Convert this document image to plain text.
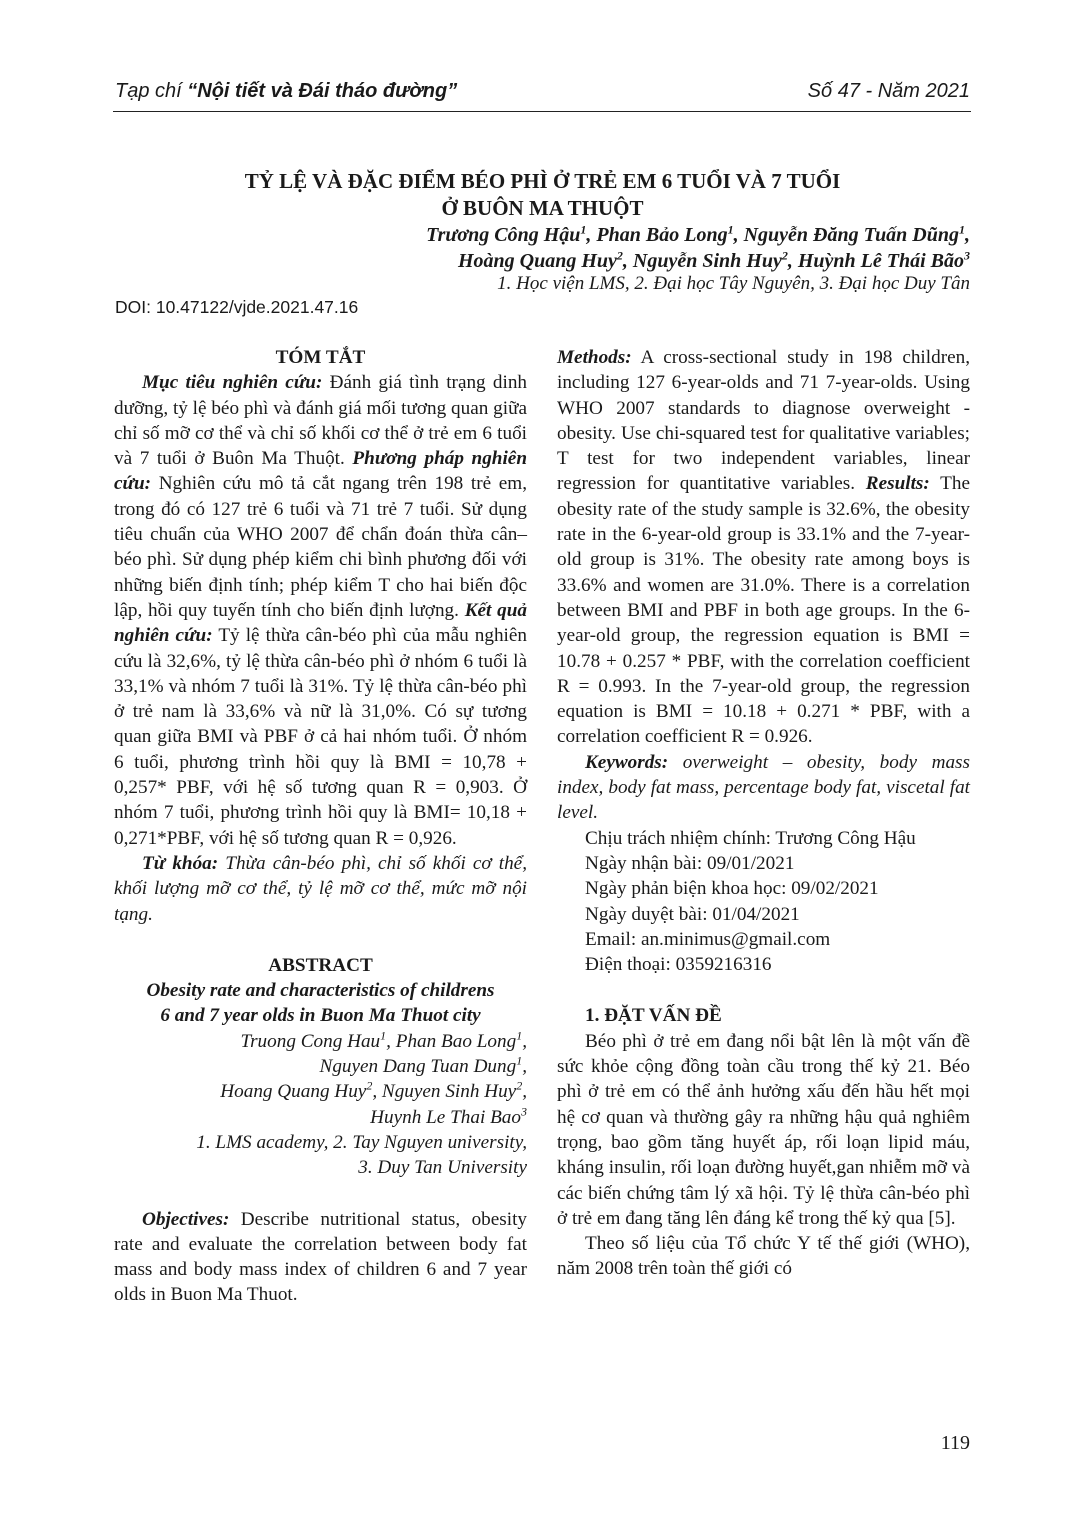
Tạp chí “Nội tiết và Đái tháo đường”	Số 47 - Năm 2021
TỶ LỆ VÀ ĐẶC ĐIỂM BÉO PHÌ Ở TRẺ EM 6 TUỔI VÀ 7 TUỔI
Ở BUÔN MA THUỘT
Trương Công Hậu$^1$, Phan Bảo Long$^1$, Nguyễn Đăng Tuấn Dũng$^1$,
Hoàng Quang Huy$^2$, Nguyễn Sinh Huy$^2$, Huỳnh Lê Thái Bão$^3$
1. Học viện LMS, 2. Đại học Tây Nguyên, 3. Đại học Duy Tân
DOI: 10.47122/vjde.2021.47.16

TÓM TẮT

Mục tiêu nghiên cứu: Đánh giá tình trạng dinh dưỡng, tỷ lệ béo phì và đánh giá mối tương quan giữa chỉ số mỡ cơ thể và chỉ số khối cơ thể ở trẻ em 6 tuổi và 7 tuổi ở Buôn Ma Thuột. Phương pháp nghiên cứu: Nghiên cứu mô tả cắt ngang trên 198 trẻ em, trong đó có 127 trẻ 6 tuổi và 71 trẻ 7 tuổi. Sử dụng tiêu chuẩn của WHO 2007 để chẩn đoán thừa cân–béo phì. Sử dụng phép kiểm chi bình phương đối với những biến định tính; phép kiểm T cho hai biến độc lập, hồi quy tuyến tính cho biến định lượng. Kết quả nghiên cứu: Tỷ lệ thừa cân-béo phì của mẫu nghiên cứu là 32,6%, tỷ lệ thừa cân-béo phì ở nhóm 6 tuổi là 33,1% và nhóm 7 tuổi là 31%. Tỷ lệ thừa cân-béo phì ở trẻ nam là 33,6% và nữ là 31,0%. Có sự tương quan giữa BMI và PBF ở cả hai nhóm tuổi. Ở nhóm 6 tuổi, phương trình hồi quy là BMI = 10,78 + 0,257* PBF, với hệ số tương quan R = 0,903. Ở nhóm 7 tuổi, phương trình hồi quy là BMI= 10,18 + 0,271*PBF, với hệ số tương quan R = 0,926.

Từ khóa: Thừa cân-béo phì, chỉ số khối cơ thể, khối lượng mỡ cơ thể, tỷ lệ mỡ cơ thể, mức mỡ nội tạng.

ABSTRACT

Obesity rate and characteristics of childrens

6 and 7 year olds in Buon Ma Thuot city

Truong Cong Hau$^1$, Phan Bao Long$^1$,

Nguyen Dang Tuan Dung$^1$,

Hoang Quang Huy$^2$, Nguyen Sinh Huy$^2$,

Huynh Le Thai Bao$^3$

1. LMS academy, 2. Tay Nguyen university,

3. Duy Tan University

Objectives: Describe nutritional status, obesity rate and evaluate the correlation between body fat mass and body mass index of children 6 and 7 year olds in Buon Ma Thuot.

Methods: A cross-sectional study in 198 children, including 127 6-year-olds and 71 7-year-olds. Using WHO 2007 standards to diagnose overweight - obesity. Use chi-squared test for qualitative variables; T test for two independent variables, linear regression for quantitative variables. Results: The obesity rate of the study sample is 32.6%, the obesity rate in the 6-year-old group is 33.1% and the 7-year-old group is 31%. The obesity rate among boys is 33.6% and women are 31.0%. There is a correlation between BMI and PBF in both age groups. In the 6-year-old group, the regression equation is BMI = 10.78 + 0.257 * PBF, with the correlation coefficient R = 0.993. In the 7-year-old group, the regression equation is BMI = 10.18 + 0.271 * PBF, with a correlation coefficient R = 0.926.

Keywords: overweight – obesity, body mass index, body fat mass, percentage body fat, viscetal fat level.

Chịu trách nhiệm chính: Trương Công Hậu

Ngày nhận bài: 09/01/2021

Ngày phản biện khoa học: 09/02/2021

Ngày duyệt bài: 01/04/2021

Email: an.minimus@gmail.com

Điện thoại: 0359216316

1. ĐẶT VẤN ĐỀ

Béo phì ở trẻ em đang nổi bật lên là một vấn đề sức khỏe cộng đồng toàn cầu trong thế kỷ 21. Béo phì ở trẻ em có thể ảnh hưởng xấu đến hầu hết mọi hệ cơ quan và thường gây ra những hậu quả nghiêm trọng, bao gồm tăng huyết áp, rối loạn lipid máu, kháng insulin, rối loạn đường huyết,gan nhiễm mỡ và các biến chứng tâm lý xã hội. Tỷ lệ thừa cân-béo phì ở trẻ em đang tăng lên đáng kể trong thế kỷ qua [5].

Theo số liệu của Tổ chức Y tế thế giới (WHO), năm 2008 trên toàn thế giới có

119
